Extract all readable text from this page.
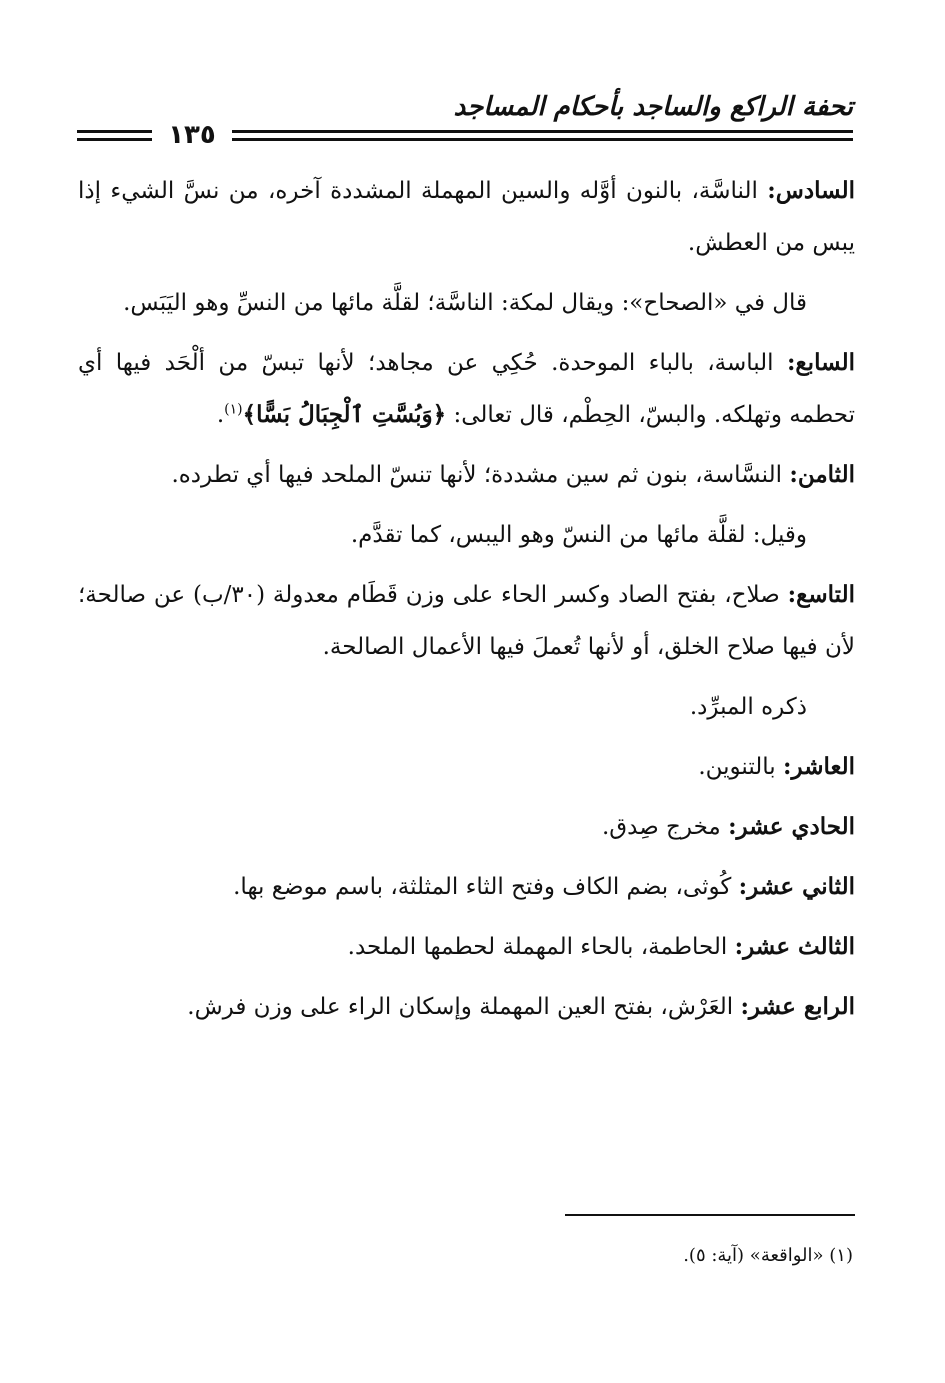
تحفة الراكع والساجد بأحكام المساجد
١٣٥

السادس: الناسَّة، بالنون أوَّله والسين المهملة المشددة آخره، من نسَّ الشيء إذا يبس من العطش.

قال في «الصحاح»: ويقال لمكة: الناسَّة؛ لقلَّة مائها من النسِّ وهو اليَبَس.

السابع: الباسة، بالباء الموحدة. حُكِي عن مجاهد؛ لأنها تبسّ من ألْحَد فيها أي تحطمه وتهلكه. والبسّ، الحِطْم، قال تعالى: ﴿وَبُسَّتِ ٱلْجِبَالُ بَسًّا﴾$^{(١)}$.

الثامن: النسَّاسة، بنون ثم سين مشددة؛ لأنها تنسّ الملحد فيها أي تطرده.

وقيل: لقلَّة مائها من النسّ وهو اليبس، كما تقدَّم.

التاسع: صلاح، بفتح الصاد وكسر الحاء على وزن قَطَام معدولة (٣٠/ب) عن صالحة؛ لأن فيها صلاح الخلق، أو لأنها تُعملَ فيها الأعمال الصالحة.

ذكره المبرِّد.

العاشر: بالتنوين.

الحادي عشر: مخرج صِدق.

الثاني عشر: كُوثى، بضم الكاف وفتح الثاء المثلثة، باسم موضع بها.

الثالث عشر: الحاطمة، بالحاء المهملة لحطمها الملحد.

الرابع عشر: العَرْش، بفتح العين المهملة وإسكان الراء على وزن فرش.

(١) «الواقعة» (آية: ٥).
